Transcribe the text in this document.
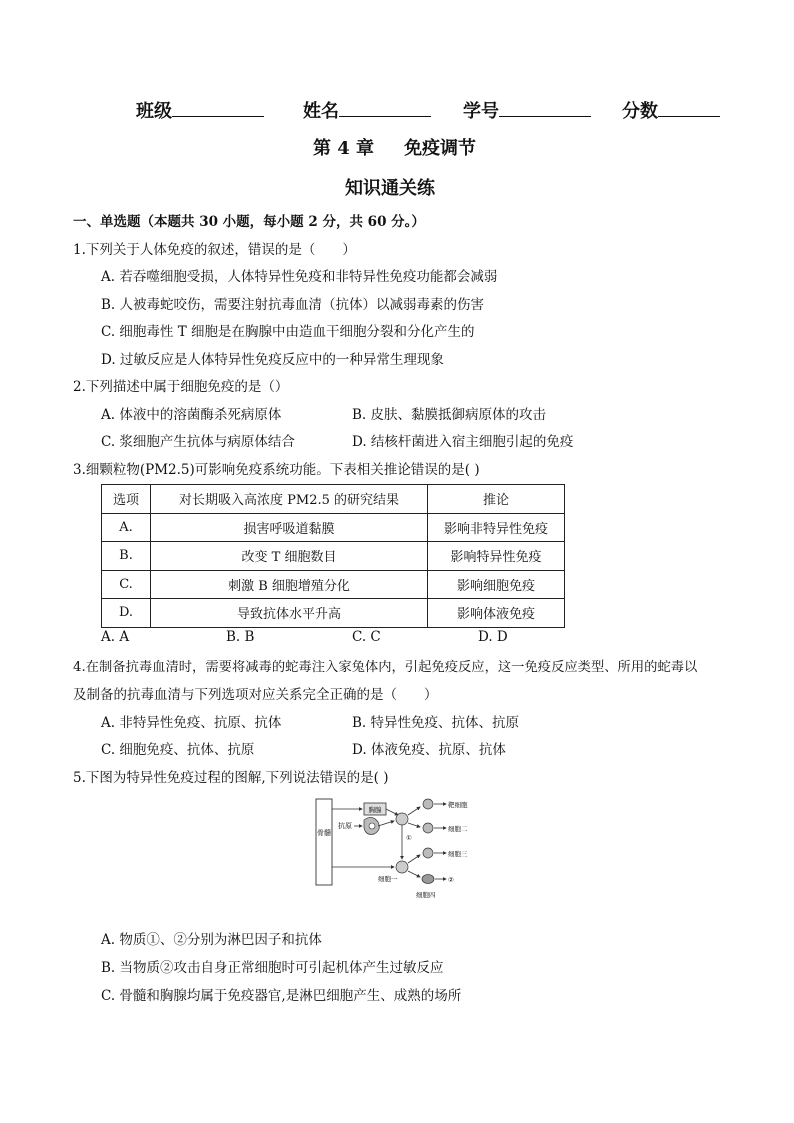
班级	姓名	学号	分数
第 4 章 免疫调节
知识通关练
一、单选题（本题共 30 小题，每小题 2 分，共 60 分。）
1.下列关于人体免疫的叙述，错误的是（　　）
A. 若吞噬细胞受损，人体特异性免疫和非特异性免疫功能都会减弱
B. 人被毒蛇咬伤，需要注射抗毒血清（抗体）以减弱毒素的伤害
C. 细胞毒性 T 细胞是在胸腺中由造血干细胞分裂和分化产生的
D. 过敏反应是人体特异性免疫反应中的一种异常生理现象
2.下列描述中属于细胞免疫的是（）
A. 体液中的溶菌酶杀死病原体	B. 皮肤、黏膜抵御病原体的攻击
C. 浆细胞产生抗体与病原体结合	D. 结核杆菌进入宿主细胞引起的免疫
3.细颗粒物(PM2.5)可影响免疫系统功能。下表相关推论错误的是( )
选项	对长期吸入高浓度 PM2.5 的研究结果	推论
A.	损害呼吸道黏膜	影响非特异性免疫
B.	改变 T 细胞数目	影响特异性免疫
C.	刺激 B 细胞增殖分化	影响细胞免疫
D.	导致抗体水平升高	影响体液免疫
A. A	B. B	C. C	D. D
4.在制备抗毒血清时，需要将减毒的蛇毒注入家兔体内，引起免疫反应，这一免疫反应类型、所用的蛇毒以
及制备的抗毒血清与下列选项对应关系完全正确的是（　　）
A. 非特异性免疫、抗原、抗体	B. 特异性免疫、抗体、抗原
C. 细胞免疫、抗体、抗原	D. 体液免疫、抗原、抗体
5.下图为特异性免疫过程的图解,下列说法错误的是( )
骨髓
胸腺
抗原
①
靶细胞
细胞二
细胞一
细胞三
②
细胞四
A. 物质①、②分别为淋巴因子和抗体
B. 当物质②攻击自身正常细胞时可引起机体产生过敏反应
C. 骨髓和胸腺均属于免疫器官,是淋巴细胞产生、成熟的场所
